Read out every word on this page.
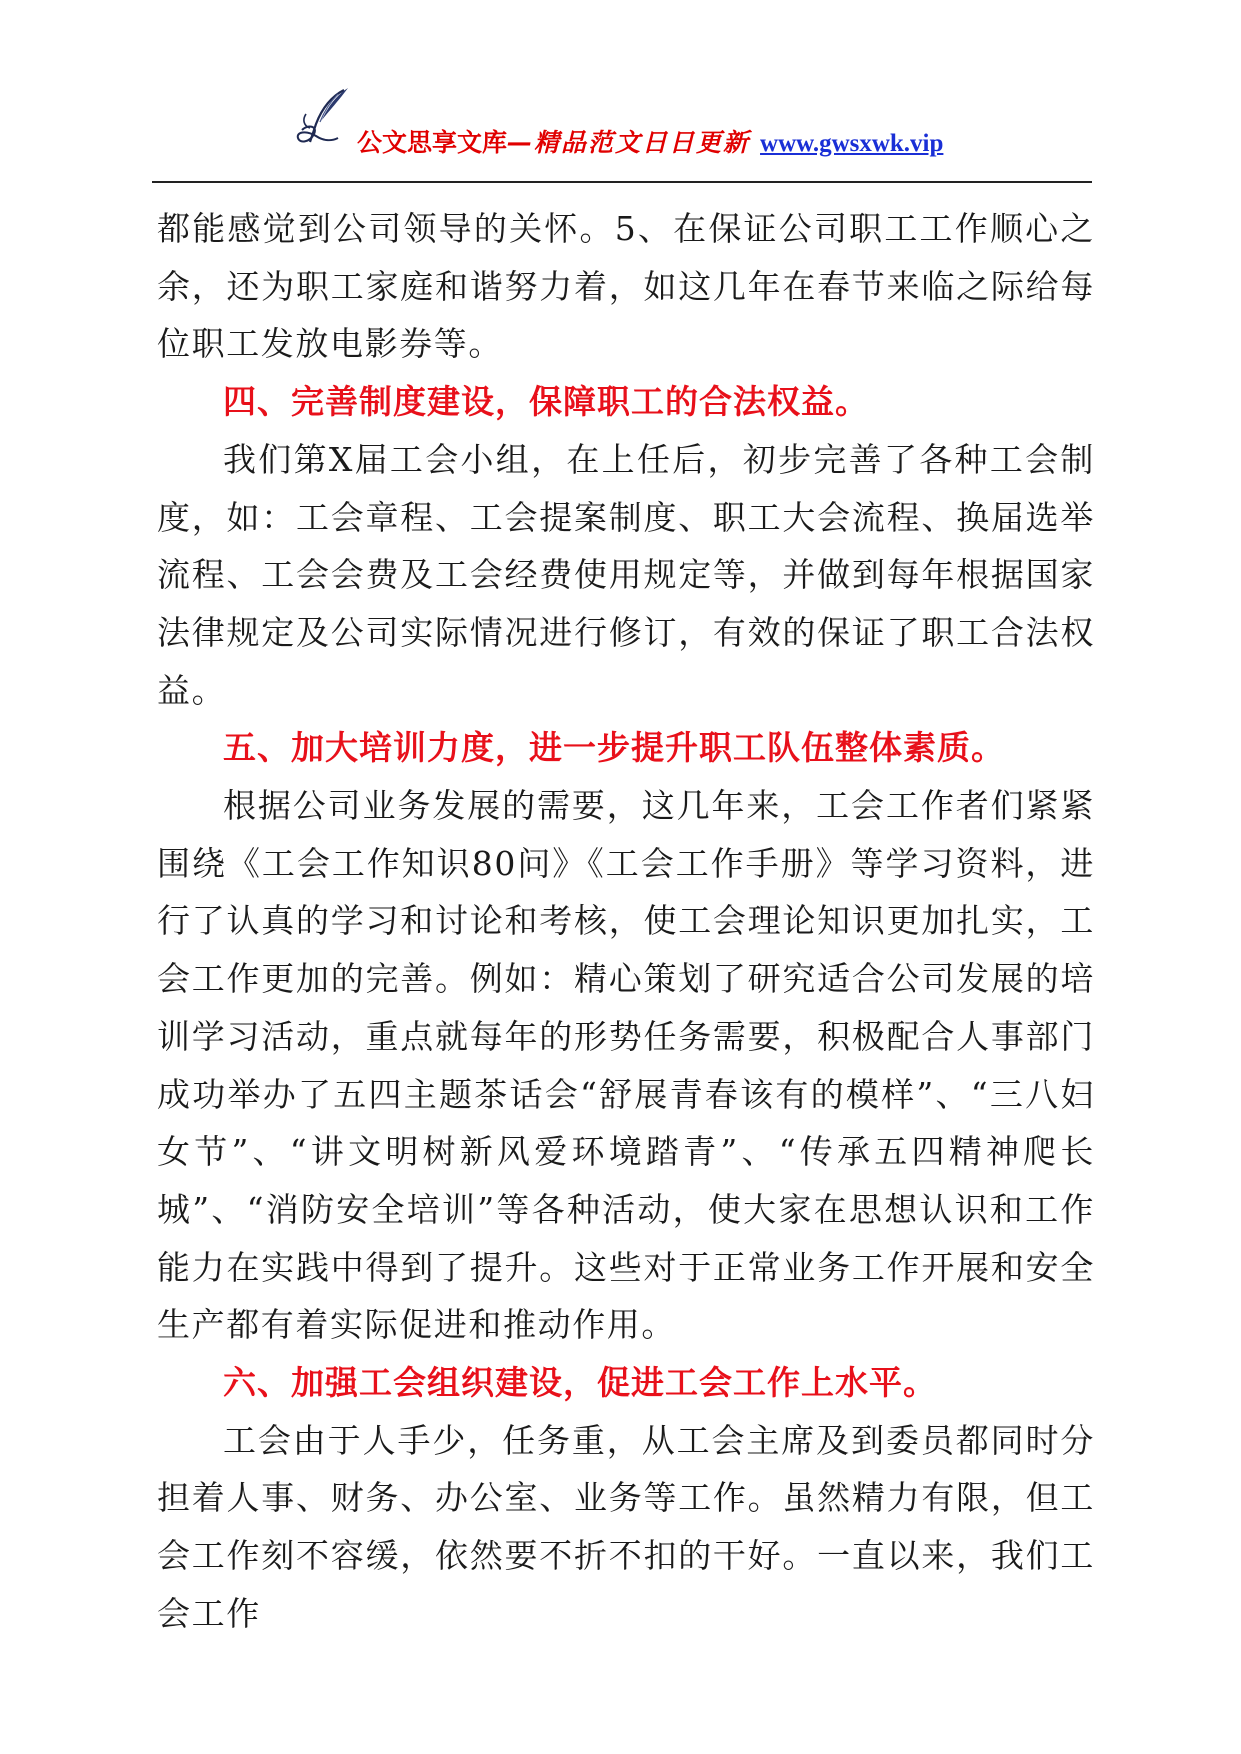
公文思享文库—精品范文日日更新 www.gwsxwk.vip

都能感觉到公司领导的关怀。5、在保证公司职工工作顺心之余，还为职工家庭和谐努力着，如这几年在春节来临之际给每位职工发放电影券等。

四、完善制度建设，保障职工的合法权益。

我们第X届工会小组，在上任后，初步完善了各种工会制度，如：工会章程、工会提案制度、职工大会流程、换届选举流程、工会会费及工会经费使用规定等，并做到每年根据国家法律规定及公司实际情况进行修订，有效的保证了职工合法权益。

五、加大培训力度，进一步提升职工队伍整体素质。

根据公司业务发展的需要，这几年来，工会工作者们紧紧围绕《工会工作知识80问》《工会工作手册》等学习资料，进行了认真的学习和讨论和考核，使工会理论知识更加扎实，工会工作更加的完善。例如：精心策划了研究适合公司发展的培训学习活动，重点就每年的形势任务需要，积极配合人事部门成功举办了五四主题茶话会“舒展青春该有的模样”、“三八妇女节”、“讲文明树新风爱环境踏青”、“传承五四精神爬长城”、“消防安全培训”等各种活动，使大家在思想认识和工作能力在实践中得到了提升。这些对于正常业务工作开展和安全生产都有着实际促进和推动作用。

六、加强工会组织建设，促进工会工作上水平。

工会由于人手少，任务重，从工会主席及到委员都同时分担着人事、财务、办公室、业务等工作。虽然精力有限，但工会工作刻不容缓，依然要不折不扣的干好。一直以来，我们工会工作
